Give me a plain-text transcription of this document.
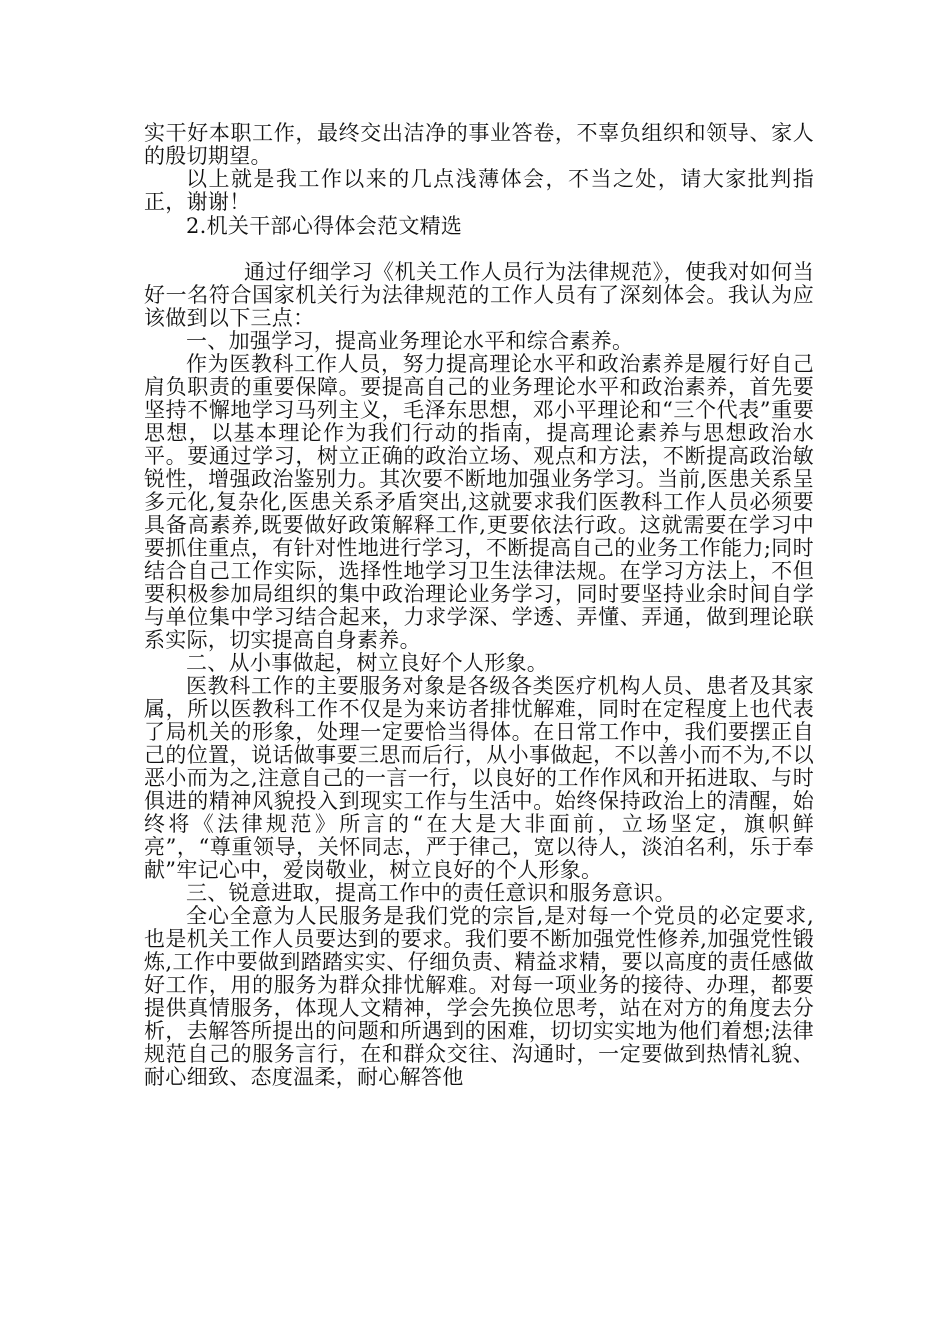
实干好本职工作，最终交出洁净的事业答卷，不辜负组织和领导、家人的殷切期望。

以上就是我工作以来的几点浅薄体会，不当之处，请大家批判指正，谢谢！

2.机关干部心得体会范文精选

通过仔细学习《机关工作人员行为法律规范》，使我对如何当好一名符合国家机关行为法律规范的工作人员有了深刻体会。我认为应该做到以下三点：

一、加强学习，提高业务理论水平和综合素养。

作为医教科工作人员，努力提高理论水平和政治素养是履行好自己肩负职责的重要保障。要提高自己的业务理论水平和政治素养，首先要坚持不懈地学习马列主义，毛泽东思想，邓小平理论和“三个代表”重要思想，以基本理论作为我们行动的指南，提高理论素养与思想政治水平。要通过学习，树立正确的政治立场、观点和方法，不断提高政治敏锐性，增强政治鉴别力。其次要不断地加强业务学习。当前,医患关系呈多元化,复杂化,医患关系矛盾突出,这就要求我们医教科工作人员必须要具备高素养,既要做好政策解释工作,更要依法行政。这就需要在学习中要抓住重点，有针对性地进行学习，不断提高自己的业务工作能力;同时结合自己工作实际，选择性地学习卫生法律法规。在学习方法上，不但要积极参加局组织的集中政治理论业务学习，同时要坚持业余时间自学与单位集中学习结合起来，力求学深、学透、弄懂、弄通，做到理论联系实际，切实提高自身素养。

二、从小事做起，树立良好个人形象。

医教科工作的主要服务对象是各级各类医疗机构人员、患者及其家属，所以医教科工作不仅是为来访者排忧解难，同时在定程度上也代表了局机关的形象，处理一定要恰当得体。在日常工作中，我们要摆正自己的位置，说话做事要三思而后行，从小事做起，不以善小而不为,不以恶小而为之,注意自己的一言一行，以良好的工作作风和开拓进取、与时俱进的精神风貌投入到现实工作与生活中。始终保持政治上的清醒，始终将《法律规范》所言的“在大是大非面前，立场坚定，旗帜鲜亮”，“尊重领导，关怀同志，严于律己，宽以待人，淡泊名利，乐于奉献”牢记心中，爱岗敬业，树立良好的个人形象。

三、锐意进取，提高工作中的责任意识和服务意识。

全心全意为人民服务是我们党的宗旨,是对每一个党员的必定要求,也是机关工作人员要达到的要求。我们要不断加强党性修养,加强党性锻炼,工作中要做到踏踏实实、仔细负责、精益求精，要以高度的责任感做好工作，用的服务为群众排忧解难。对每一项业务的接待、办理，都要提供真情服务，体现人文精神，学会先换位思考，站在对方的角度去分析，去解答所提出的问题和所遇到的困难，切切实实地为他们着想;法律规范自己的服务言行，在和群众交往、沟通时，一定要做到热情礼貌、耐心细致、态度温柔，耐心解答他
